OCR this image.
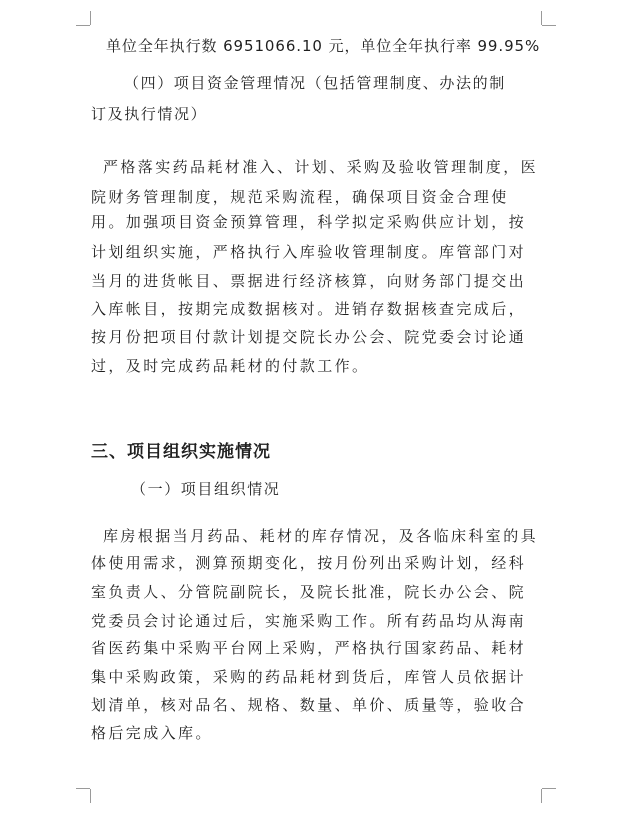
单位全年执行数 6951066.10 元，单位全年执行率 99.95%
（四）项目资金管理情况（包括管理制度、办法的制
订及执行情况）
严格落实药品耗材准入、计划、采购及验收管理制度，医
院财务管理制度，规范采购流程，确保项目资金合理使
用。加强项目资金预算管理，科学拟定采购供应计划，按
计划组织实施，严格执行入库验收管理制度。库管部门对
当月的进货帐目、票据进行经济核算，向财务部门提交出
入库帐目，按期完成数据核对。进销存数据核查完成后，
按月份把项目付款计划提交院长办公会、院党委会讨论通
过，及时完成药品耗材的付款工作。
三、项目组织实施情况
（一）项目组织情况
库房根据当月药品、耗材的库存情况，及各临床科室的具
体使用需求，测算预期变化，按月份列出采购计划，经科
室负责人、分管院副院长，及院长批准，院长办公会、院
党委员会讨论通过后，实施采购工作。所有药品均从海南
省医药集中采购平台网上采购，严格执行国家药品、耗材
集中采购政策，采购的药品耗材到货后，库管人员依据计
划清单，核对品名、规格、数量、单价、质量等，验收合
格后完成入库。
